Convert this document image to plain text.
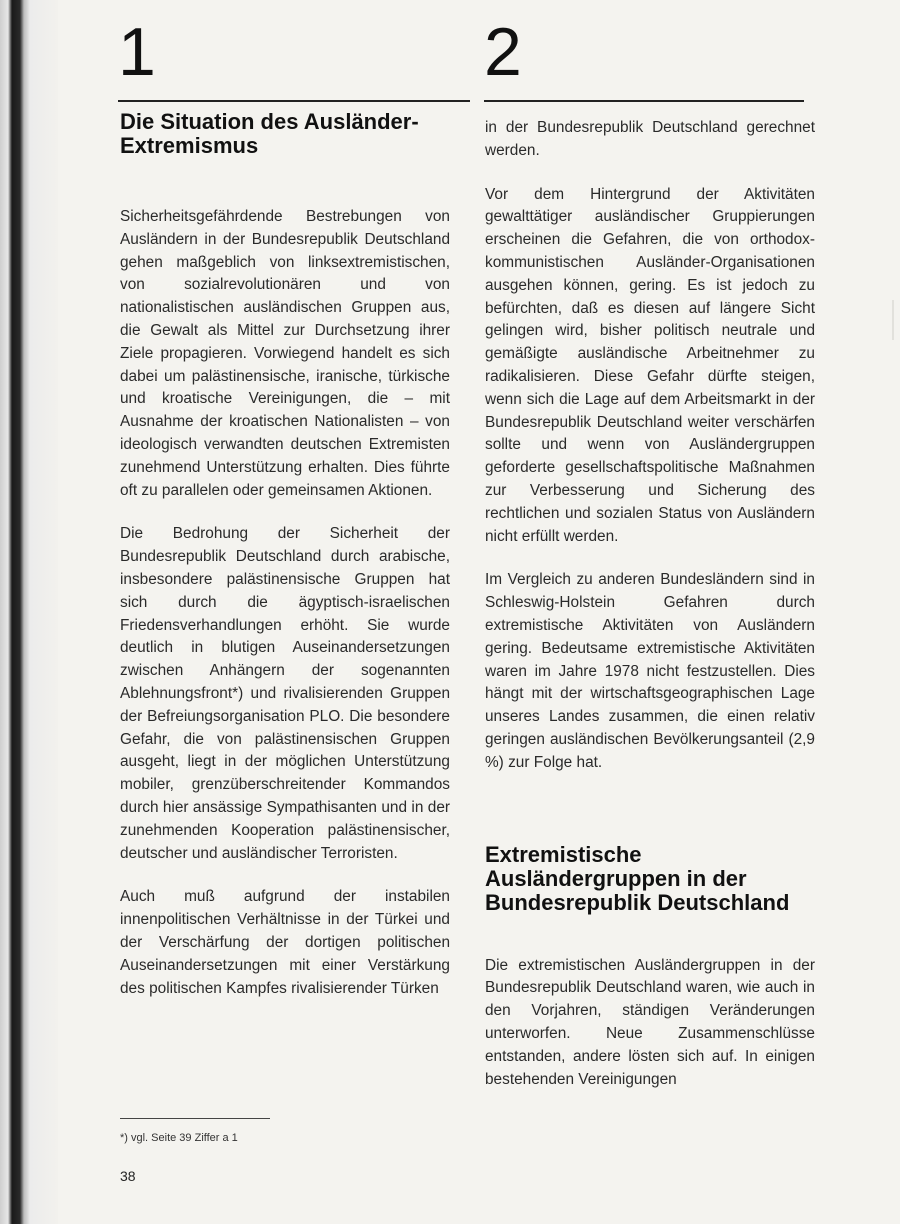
1	2
Die Situation des Ausländer-Extremismus

Sicherheitsgefährdende Bestrebungen von Ausländern in der Bundesrepublik Deutschland gehen maßgeblich von linksextremistischen, von sozialrevolutionären und von nationalistischen ausländischen Gruppen aus, die Gewalt als Mittel zur Durchsetzung ihrer Ziele propagieren. Vorwiegend handelt es sich dabei um palästinensische, iranische, türkische und kroatische Vereinigungen, die – mit Ausnahme der kroatischen Nationalisten – von ideologisch verwandten deutschen Extremisten zunehmend Unterstützung erhalten. Dies führte oft zu parallelen oder gemeinsamen Aktionen.

Die Bedrohung der Sicherheit der Bundesrepublik Deutschland durch arabische, insbesondere palästinensische Gruppen hat sich durch die ägyptisch-israelischen Friedensverhandlungen erhöht. Sie wurde deutlich in blutigen Auseinandersetzungen zwischen Anhängern der sogenannten Ablehnungsfront*) und rivalisierenden Gruppen der Befreiungsorganisation PLO. Die besondere Gefahr, die von palästinensischen Gruppen ausgeht, liegt in der möglichen Unterstützung mobiler, grenzüberschreitender Kommandos durch hier ansässige Sympathisanten und in der zunehmenden Kooperation palästinensischer, deutscher und ausländischer Terroristen.

Auch muß aufgrund der instabilen innenpolitischen Verhältnisse in der Türkei und der Verschärfung der dortigen politischen Auseinandersetzungen mit einer Verstärkung des politischen Kampfes rivalisierender Türken

in der Bundesrepublik Deutschland gerechnet werden.

Vor dem Hintergrund der Aktivitäten gewalttätiger ausländischer Gruppierungen erscheinen die Gefahren, die von orthodox-kommunistischen Ausländer-Organisationen ausgehen können, gering. Es ist jedoch zu befürchten, daß es diesen auf längere Sicht gelingen wird, bisher politisch neutrale und gemäßigte ausländische Arbeitnehmer zu radikalisieren. Diese Gefahr dürfte steigen, wenn sich die Lage auf dem Arbeitsmarkt in der Bundesrepublik Deutschland weiter verschärfen sollte und wenn von Ausländergruppen geforderte gesellschaftspolitische Maßnahmen zur Verbesserung und Sicherung des rechtlichen und sozialen Status von Ausländern nicht erfüllt werden.

Im Vergleich zu anderen Bundesländern sind in Schleswig-Holstein Gefahren durch extremistische Aktivitäten von Ausländern gering. Bedeutsame extremistische Aktivitäten waren im Jahre 1978 nicht festzustellen. Dies hängt mit der wirtschaftsgeographischen Lage unseres Landes zusammen, die einen relativ geringen ausländischen Bevölkerungsanteil (2,9 %) zur Folge hat.

Extremistische Ausländergruppen in der Bundesrepublik Deutschland

Die extremistischen Ausländergruppen in der Bundesrepublik Deutschland waren, wie auch in den Vorjahren, ständigen Veränderungen unterworfen. Neue Zusammenschlüsse entstanden, andere lösten sich auf. In einigen bestehenden Vereinigungen

*) vgl. Seite 39 Ziffer a 1
38
